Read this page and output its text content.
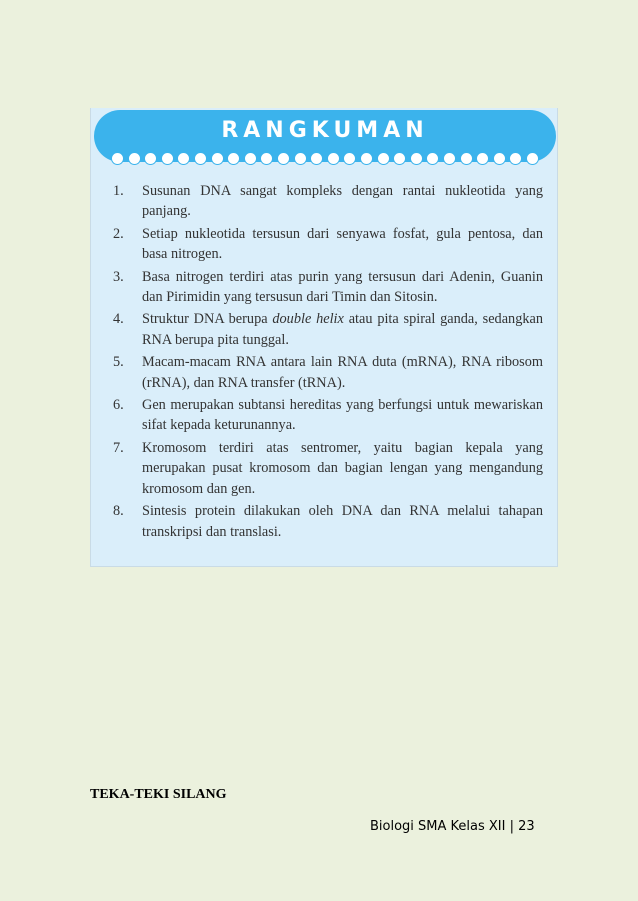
RANGKUMAN
1. Susunan DNA sangat kompleks dengan rantai nukleotida yang panjang.
2. Setiap nukleotida tersusun dari senyawa fosfat, gula pentosa, dan basa nitrogen.
3. Basa nitrogen terdiri atas purin yang tersusun dari Adenin, Guanin dan Pirimidin yang tersusun dari Timin dan Sitosin.
4. Struktur DNA berupa double helix atau pita spiral ganda, sedangkan RNA berupa pita tunggal.
5. Macam-macam RNA antara lain RNA duta (mRNA), RNA ribosom (rRNA), dan RNA transfer (tRNA).
6. Gen merupakan subtansi hereditas yang berfungsi untuk mewariskan sifat kepada keturunannya.
7. Kromosom terdiri atas sentromer, yaitu bagian kepala yang merupakan pusat kromosom dan bagian lengan yang mengandung kromosom dan gen.
8. Sintesis protein dilakukan oleh DNA dan RNA melalui tahapan transkripsi dan translasi.
TEKA-TEKI SILANG
Biologi SMA Kelas XII | 23
